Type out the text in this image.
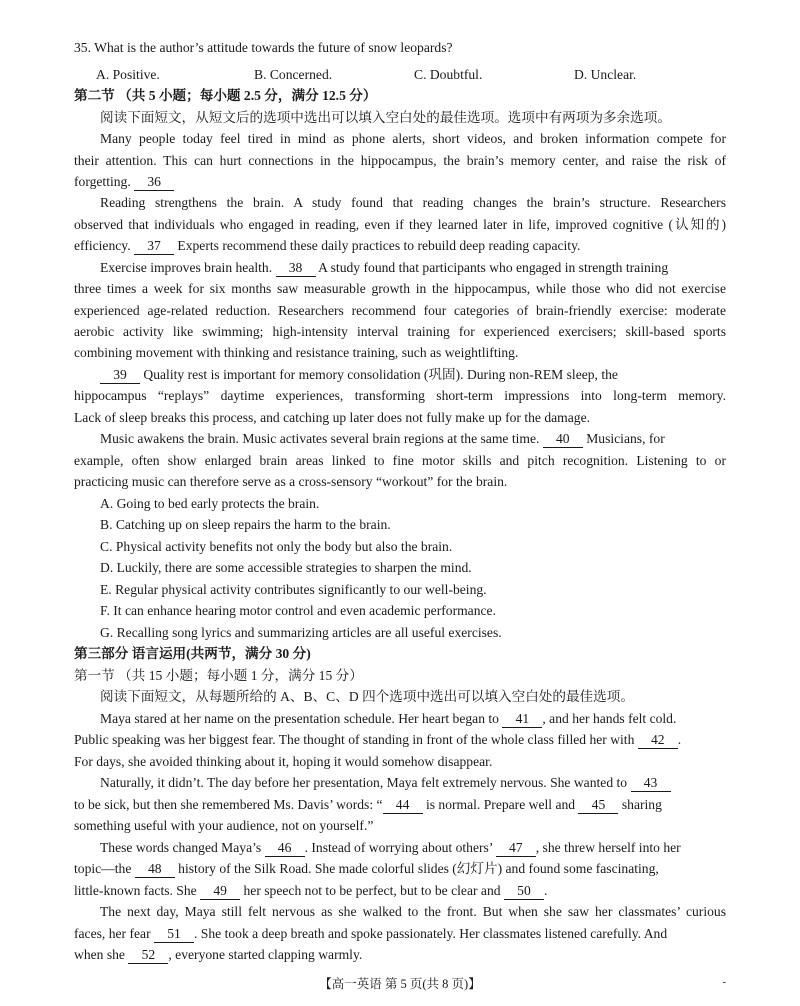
35. What is the author’s attitude towards the future of snow leopards?
A. Positive.	B. Concerned.	C. Doubtful.	D. Unclear.
第二节 （共 5 小题；每小题 2.5 分，满分 12.5 分）
阅读下面短文，从短文后的选项中选出可以填入空白处的最佳选项。选项中有两项为多余选项。
Many people today feel tired in mind as phone alerts, short videos, and broken information compete for
their attention. This can hurt connections in the hippocampus, the brain’s memory center, and raise the risk of
forgetting. 36
Reading strengthens the brain. A study found that reading changes the brain’s structure. Researchers
observed that individuals who engaged in reading, even if they learned later in life, improved cognitive (认知的)
efficiency. 37 Experts recommend these daily practices to rebuild deep reading capacity.
Exercise improves brain health. 38 A study found that participants who engaged in strength training
three times a week for six months saw measurable growth in the hippocampus, while those who did not exercise
experienced age-related reduction. Researchers recommend four categories of brain-friendly exercise: moderate
aerobic activity like swimming; high-intensity interval training for experienced exercisers; skill-based sports
combining movement with thinking and resistance training, such as weightlifting.
39 Quality rest is important for memory consolidation (巩固). During non-REM sleep, the
hippocampus “replays” daytime experiences, transforming short-term impressions into long-term memory.
Lack of sleep breaks this process, and catching up later does not fully make up for the damage.
Music awakens the brain. Music activates several brain regions at the same time. 40 Musicians, for
example, often show enlarged brain areas linked to fine motor skills and pitch recognition. Listening to or
practicing music can therefore serve as a cross-sensory “workout” for the brain.
A. Going to bed early protects the brain.
B. Catching up on sleep repairs the harm to the brain.
C. Physical activity benefits not only the body but also the brain.
D. Luckily, there are some accessible strategies to sharpen the mind.
E. Regular physical activity contributes significantly to our well-being.
F. It can enhance hearing motor control and even academic performance.
G. Recalling song lyrics and summarizing articles are all useful exercises.
第三部分 语言运用(共两节，满分 30 分)
第一节 （共 15 小题；每小题 1 分，满分 15 分）
阅读下面短文，从每题所给的 A、B、C、D 四个选项中选出可以填入空白处的最佳选项。
Maya stared at her name on the presentation schedule. Her heart began to 41 , and her hands felt cold.
Public speaking was her biggest fear. The thought of standing in front of the whole class filled her with 42 .
For days, she avoided thinking about it, hoping it would somehow disappear.
Naturally, it didn’t. The day before her presentation, Maya felt extremely nervous. She wanted to 43
to be sick, but then she remembered Ms. Davis’ words: “ 44 is normal. Prepare well and 45 sharing
something useful with your audience, not on yourself.”
These words changed Maya’s 46 . Instead of worrying about others’ 47 , she threw herself into her
topic—the 48 history of the Silk Road. She made colorful slides (幻灯片) and found some fascinating,
little-known facts. She 49 her speech not to be perfect, but to be clear and 50 .
The next day, Maya still felt nervous as she walked to the front. But when she saw her classmates’ curious
faces, her fear 51 . She took a deep breath and spoke passionately. Her classmates listened carefully. And
when she 52 , everyone started clapping warmly.
【高一英语 第 5 页(共 8 页)】	-
